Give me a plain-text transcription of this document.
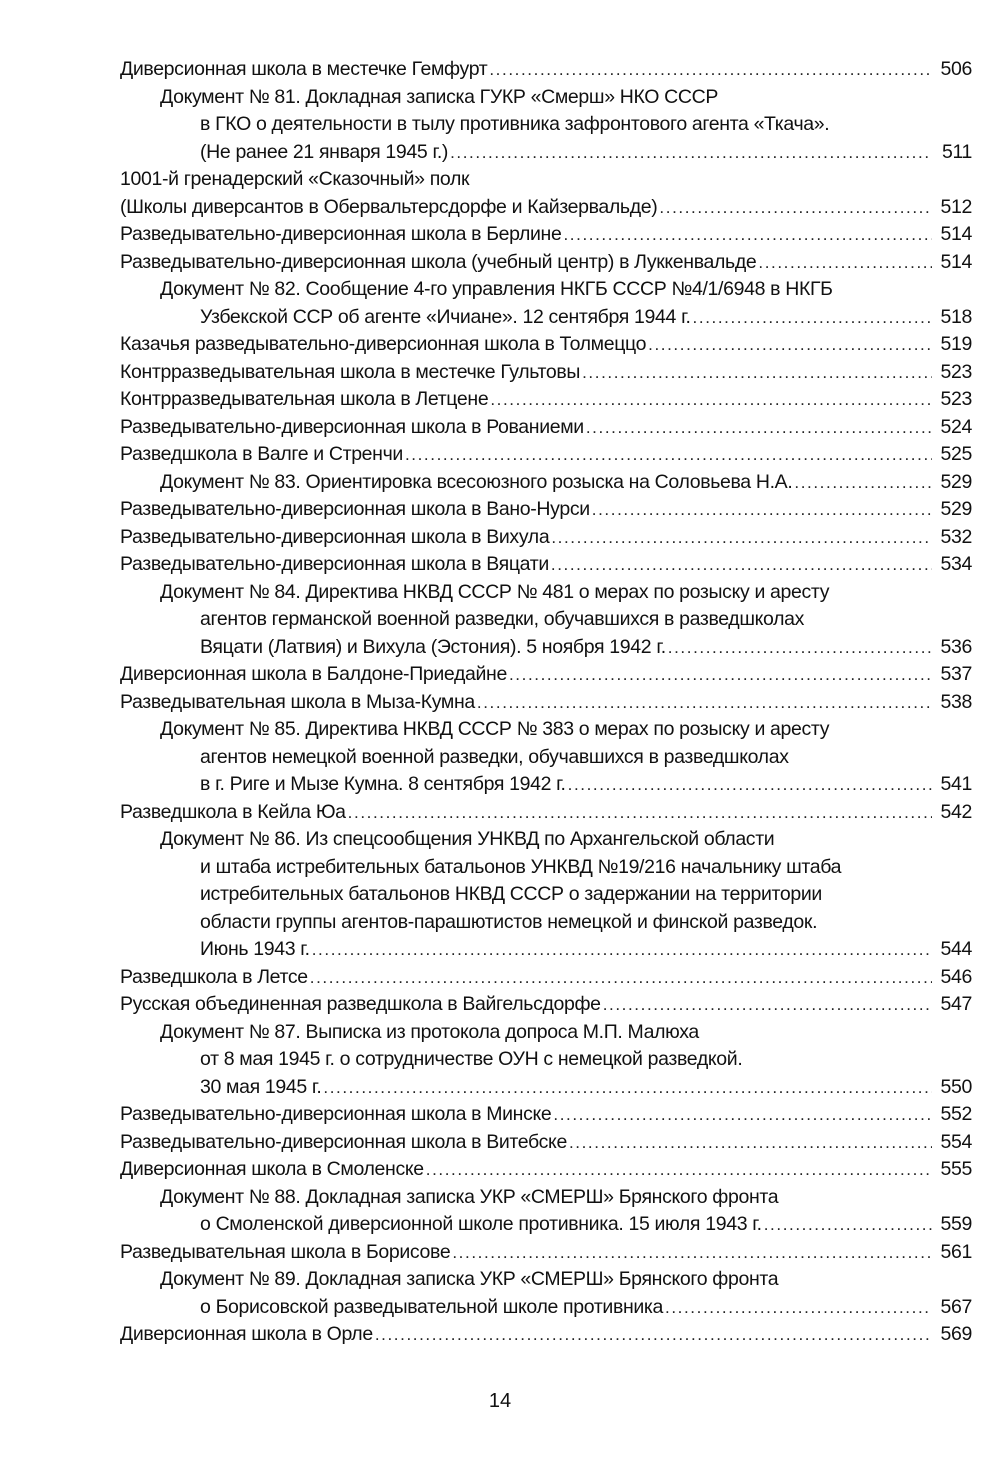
Диверсионная школа в местечке Гемфурт .....	506
Документ № 81. Докладная записка ГУКР «Смерш» НКО СССР
в ГКО о деятельности в тылу противника зафронтового агента «Ткача».
(Не ранее 21 января 1945 г.) .....	511
1001-й гренадерский «Сказочный» полк
(Школы диверсантов в Обервальтерсдорфе и Кайзервальде) .....	512
Разведывательно-диверсионная школа в Берлине .....	514
Разведывательно-диверсионная школа (учебный центр) в Луккенвальде .....	514
Документ № 82. Сообщение 4-го управления НКГБ СССР №4/1/6948 в НКГБ
Узбекской ССР об агенте «Ичиане». 12 сентября 1944 г. .....	518
Казачья разведывательно-диверсионная школа в Толмеццо .....	519
Контрразведывательная школа в местечке Гультовы .....	523
Контрразведывательная школа в Летцене .....	523
Разведывательно-диверсионная школа в Рованиеми .....	524
Разведшкола в Валге и Стренчи .....	525
Документ № 83. Ориентировка всесоюзного розыска на Соловьева Н.А. .....	529
Разведывательно-диверсионная школа в Вано-Нурси .....	529
Разведывательно-диверсионная школа в Вихула .....	532
Разведывательно-диверсионная школа в Вяцати .....	534
Документ № 84. Директива НКВД СССР № 481 о мерах по розыску и аресту
агентов германской военной разведки, обучавшихся в разведшколах
Вяцати (Латвия) и Вихула (Эстония). 5 ноября 1942 г. .....	536
Диверсионная школа в Балдоне-Приедайне .....	537
Разведывательная школа в Мыза-Кумна .....	538
Документ № 85. Директива НКВД СССР № 383 о мерах по розыску и аресту
агентов немецкой военной разведки, обучавшихся в разведшколах
в г. Риге и Мызе Кумна. 8 сентября 1942 г. .....	541
Разведшкола в Кейла Юа .....	542
Документ № 86. Из спецсообщения УНКВД по Архангельской области
и штаба истребительных батальонов УНКВД №19/216 начальнику штаба
истребительных батальонов НКВД СССР о задержании на территории
области группы агентов-парашютистов немецкой и финской разведок.
Июнь 1943 г. .....	544
Разведшкола в Летсе .....	546
Русская объединенная разведшкола в Вайгельсдорфе .....	547
Документ № 87. Выписка из протокола допроса М.П. Малюха
от 8 мая 1945 г. о сотрудничестве ОУН с немецкой разведкой.
30 мая 1945 г. .....	550
Разведывательно-диверсионная школа в Минске .....	552
Разведывательно-диверсионная школа в Витебске .....	554
Диверсионная школа в Смоленске .....	555
Документ № 88. Докладная записка УКР «СМЕРШ» Брянского фронта
о Смоленской диверсионной школе противника. 15 июля 1943 г. .....	559
Разведывательная школа в Борисове .....	561
Документ № 89. Докладная записка УКР «СМЕРШ» Брянского фронта
о Борисовской разведывательной школе противника .....	567
Диверсионная школа в Орле .....	569
14
